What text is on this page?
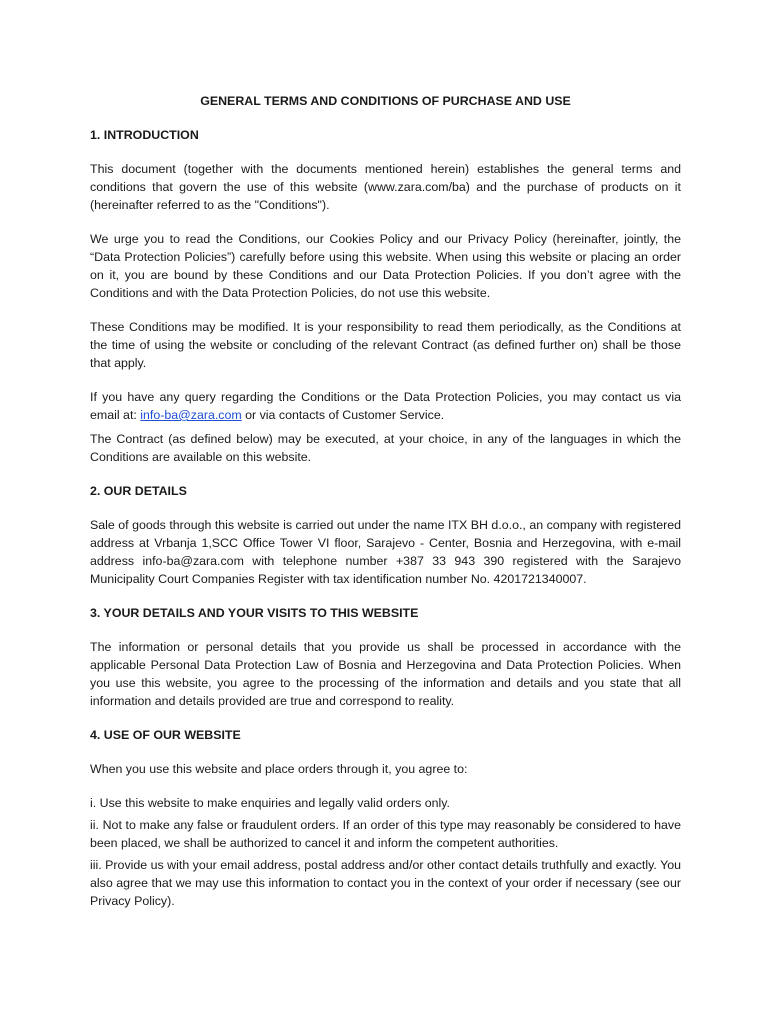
GENERAL TERMS AND CONDITIONS OF PURCHASE AND USE
1. INTRODUCTION

This document (together with the documents mentioned herein) establishes the general terms and conditions that govern the use of this website (www.zara.com/ba) and the purchase of products on it (hereinafter referred to as the "Conditions").

We urge you to read the Conditions, our Cookies Policy and our Privacy Policy (hereinafter, jointly, the “Data Protection Policies”) carefully before using this website. When using this website or placing an order on it, you are bound by these Conditions and our Data Protection Policies. If you don’t agree with the Conditions and with the Data Protection Policies, do not use this website.

These Conditions may be modified. It is your responsibility to read them periodically, as the Conditions at the time of using the website or concluding of the relevant Contract (as defined further on) shall be those that apply.

If you have any query regarding the Conditions or the Data Protection Policies, you may contact us via email at: info-ba@zara.com or via contacts of Customer Service.

The Contract (as defined below) may be executed, at your choice, in any of the languages in which the Conditions are available on this website.

2. OUR DETAILS

Sale of goods through this website is carried out under the name ITX BH d.o.o., an company with registered address at Vrbanja 1,SCC Office Tower VI floor, Sarajevo - Center, Bosnia and Herzegovina, with e-mail address info-ba@zara.com with telephone number +387 33 943 390 registered with the Sarajevo Municipality Court Companies Register with tax identification number No. 4201721340007.

3. YOUR DETAILS AND YOUR VISITS TO THIS WEBSITE

The information or personal details that you provide us shall be processed in accordance with the applicable Personal Data Protection Law of Bosnia and Herzegovina and Data Protection Policies. When you use this website, you agree to the processing of the information and details and you state that all information and details provided are true and correspond to reality.

4. USE OF OUR WEBSITE

When you use this website and place orders through it, you agree to:

i. Use this website to make enquiries and legally valid orders only.
ii. Not to make any false or fraudulent orders. If an order of this type may reasonably be considered to have been placed, we shall be authorized to cancel it and inform the competent authorities.
iii. Provide us with your email address, postal address and/or other contact details truthfully and exactly. You also agree that we may use this information to contact you in the context of your order if necessary (see our Privacy Policy).
